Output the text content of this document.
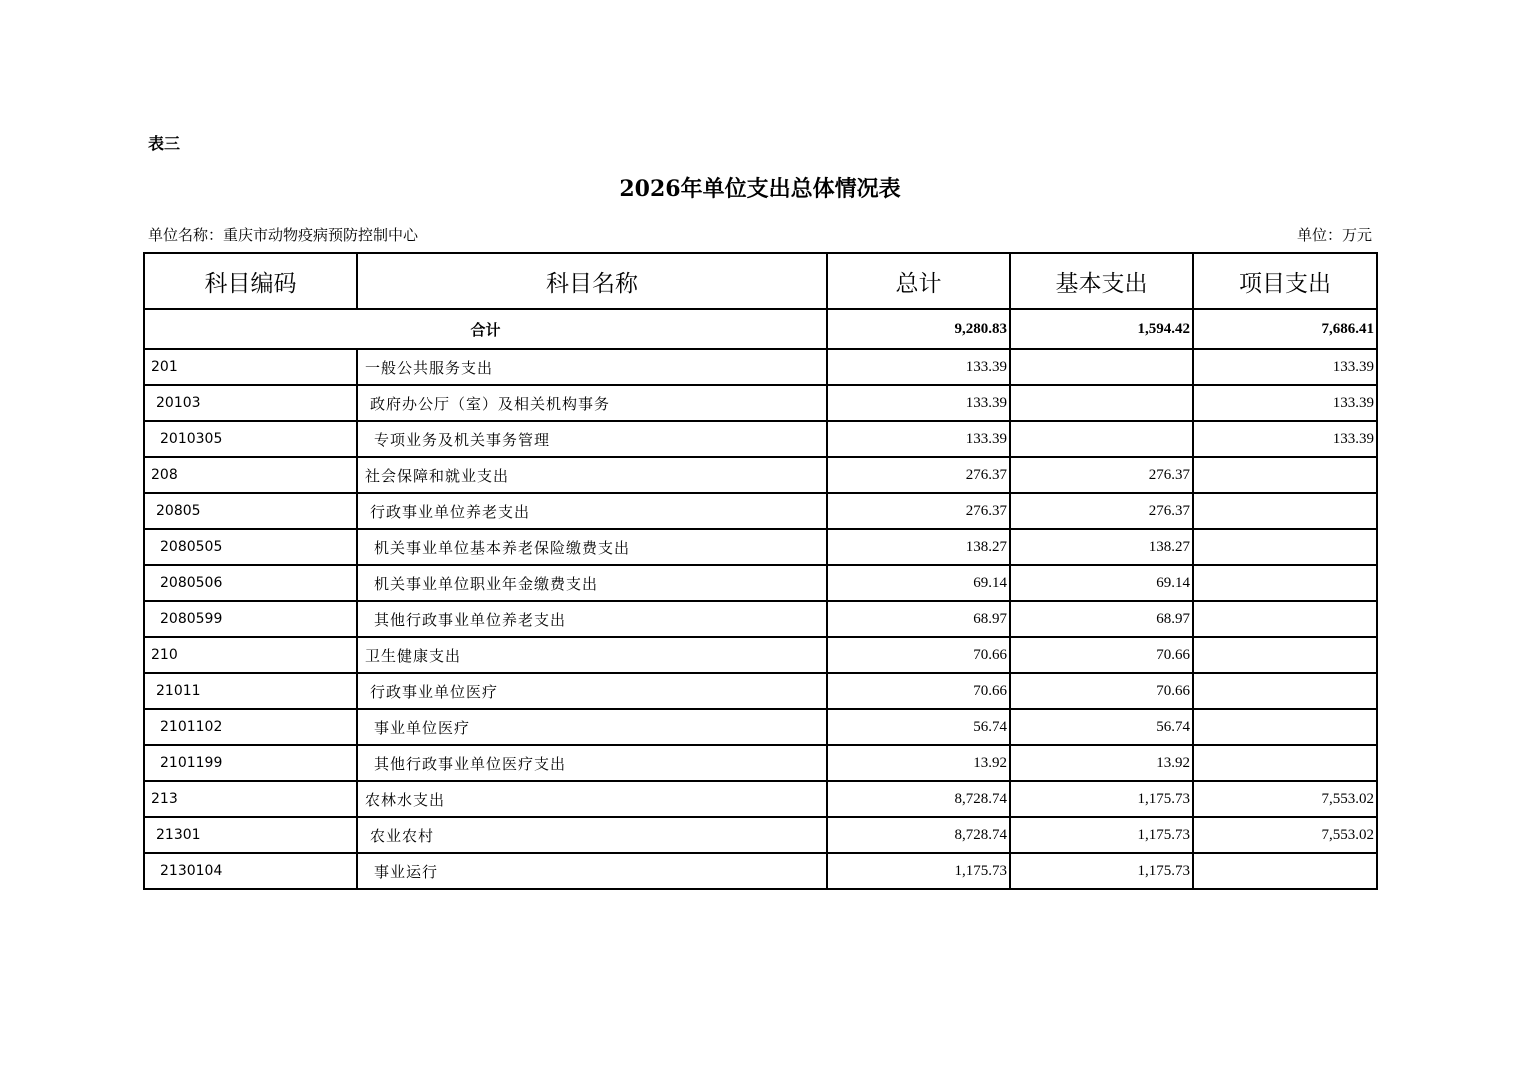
表三
2026年单位支出总体情况表
单位名称：重庆市动物疫病预防控制中心	单位：万元
科目编码	科目名称	总计	基本支出	项目支出
合计		9,280.83	1,594.42	7,686.41
201	一般公共服务支出	133.39		133.39
20103	政府办公厅（室）及相关机构事务	133.39		133.39
2010305	专项业务及机关事务管理	133.39		133.39
208	社会保障和就业支出	276.37	276.37	
20805	行政事业单位养老支出	276.37	276.37	
2080505	机关事业单位基本养老保险缴费支出	138.27	138.27	
2080506	机关事业单位职业年金缴费支出	69.14	69.14	
2080599	其他行政事业单位养老支出	68.97	68.97	
210	卫生健康支出	70.66	70.66	
21011	行政事业单位医疗	70.66	70.66	
2101102	事业单位医疗	56.74	56.74	
2101199	其他行政事业单位医疗支出	13.92	13.92	
213	农林水支出	8,728.74	1,175.73	7,553.02
21301	农业农村	8,728.74	1,175.73	7,553.02
2130104	事业运行	1,175.73	1,175.73	
